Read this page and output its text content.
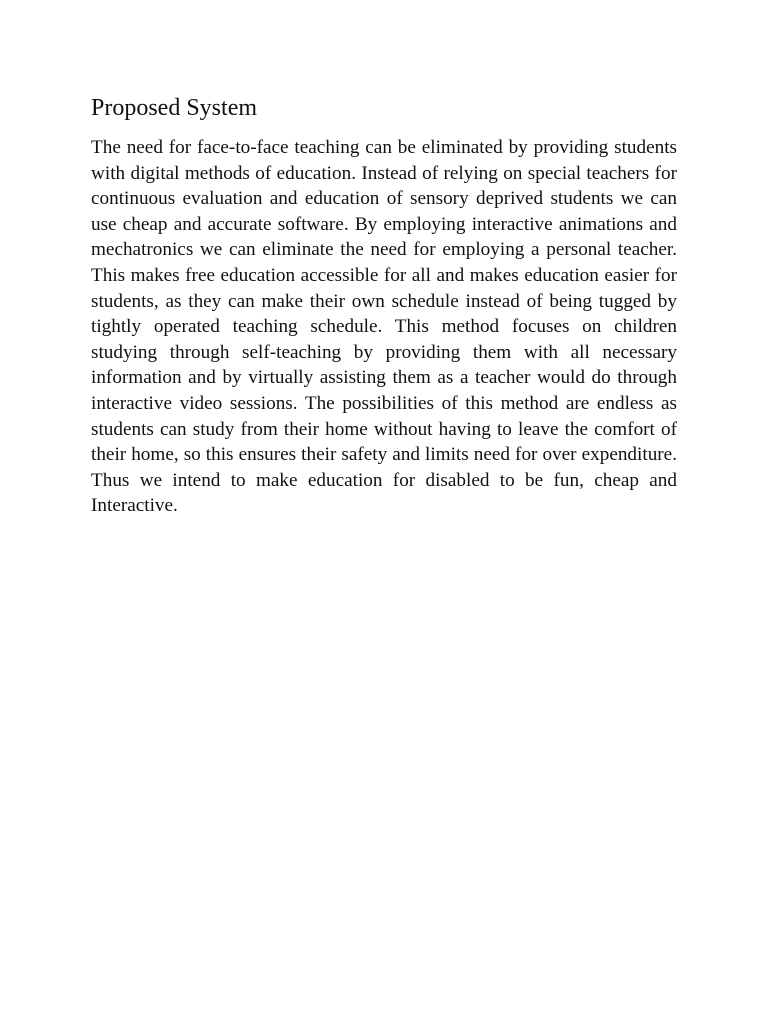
Proposed System

The need for face-to-face teaching can be eliminated by providing students with digital methods of education. Instead of relying on special teachers for continuous evaluation and education of sensory deprived students we can use cheap and accurate software. By employing interactive animations and mechatronics we can eliminate the need for employing a personal teacher. This makes free education accessible for all and makes education easier for students, as they can make their own schedule instead of being tugged by tightly operated teaching schedule. This method focuses on children studying through self-teaching by providing them with all necessary information and by virtually assisting them as a teacher would do through interactive video sessions. The possibilities of this method are endless as students can study from their home without having to leave the comfort of their home, so this ensures their safety and limits need for over expenditure. Thus we intend to make education for disabled to be fun, cheap and Interactive.
